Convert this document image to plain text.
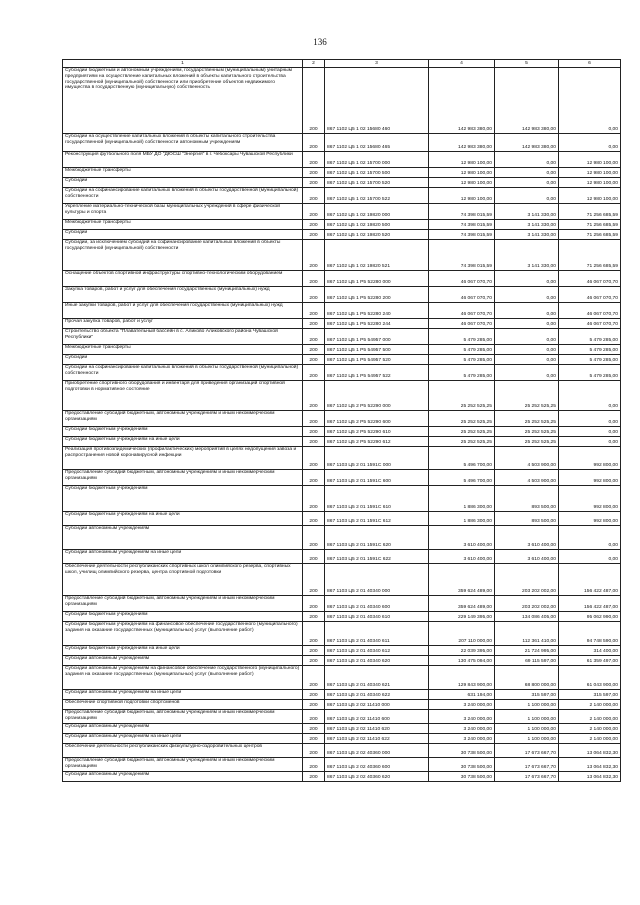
136
1	2	3	4	5	6
Субсидии бюджетным и автономным учреждениям, государственным (муниципальным) унитарным предприятиям на осуществление капитальных вложений в объекты капитального строительства государственной (муниципальной) собственности или приобретение объектов недвижимого имущества в государственную (муниципальную) собственность	200	867 1102 Ц5 1 02 15680 460	142 983 380,00	142 983 380,00	0,00
Субсидии на осуществление капитальных вложений в объекты капитального строительства государственной (муниципальной) собственности автономным учреждениям	200	867 1102 Ц5 1 02 15680 465	142 983 380,00	142 983 380,00	0,00
Реконструкция футбольного поля МБУ ДО "ДЮСШ "Энергия" в г. Чебоксары Чувашской Республики	200	867 1102 Ц5 1 02 15700 000	12 980 100,00	0,00	12 980 100,00
Межбюджетные трансферты	200	867 1102 Ц5 1 02 15700 500	12 980 100,00	0,00	12 980 100,00
Субсидии	200	867 1102 Ц5 1 02 15700 520	12 980 100,00	0,00	12 980 100,00
Субсидии на софинансирование капитальных вложений в объекты государственной (муниципальной) собственности	200	867 1102 Ц5 1 02 15700 522	12 980 100,00	0,00	12 980 100,00
Укрепление материально-технической базы муниципальных учреждений в сфере физической культуры и спорта	200	867 1102 Ц5 1 02 19820 000	74 398 015,59	3 141 330,00	71 256 685,59
Межбюджетные трансферты	200	867 1102 Ц5 1 02 19820 500	74 398 015,59	3 141 330,00	71 256 685,59
Субсидии	200	867 1102 Ц5 1 02 19820 520	74 398 015,59	3 141 330,00	71 256 685,59
Субсидии, за исключением субсидий на софинансирование капитальных вложений в объекты государственной (муниципальной) собственности	200	867 1102 Ц5 1 02 19820 521	74 398 015,59	3 141 330,00	71 256 685,59
Оснащение объектов спортивной инфраструктуры спортивно-технологическим оборудованием	200	867 1102 Ц5 1 P5 52280 000	46 067 070,70	0,00	46 067 070,70
Закупка товаров, работ и услуг для обеспечения государственных (муниципальных) нужд	200	867 1102 Ц5 1 P5 52280 200	46 067 070,70	0,00	46 067 070,70
Иные закупки товаров, работ и услуг для обеспечения государственных (муниципальных) нужд	200	867 1102 Ц5 1 P5 52280 240	46 067 070,70	0,00	46 067 070,70
Прочая закупка товаров, работ и услуг	200	867 1102 Ц5 1 P5 52280 244	46 067 070,70	0,00	46 067 070,70
Строительство объекта "Плавательный бассейн в с. Аликово Аликовского района Чувашской Республики"	200	867 1102 Ц5 1 P5 54957 000	5 479 285,00	0,00	5 479 285,00
Межбюджетные трансферты	200	867 1102 Ц5 1 P5 54957 500	5 479 285,00	0,00	5 479 285,00
Субсидии	200	867 1102 Ц5 1 P5 54957 520	5 479 285,00	0,00	5 479 285,00
Субсидии на софинансирование капитальных вложений в объекты государственной (муниципальной) собственности	200	867 1102 Ц5 1 P5 54957 522	5 479 285,00	0,00	5 479 285,00
Приобретение спортивного оборудования и инвентаря для приведения организаций спортивной подготовки в нормативное состояние	200	867 1102 Ц5 2 P5 52290 000	25 252 525,25	25 252 525,25	0,00
Предоставление субсидий бюджетным, автономным учреждениям и иным некоммерческим организациям	200	867 1102 Ц5 2 P5 52290 600	25 252 525,25	25 252 525,25	0,00
Субсидии бюджетным учреждениям	200	867 1102 Ц5 2 P5 52290 610	25 252 525,25	25 252 525,25	0,00
Субсидии бюджетным учреждениям на иные цели	200	867 1102 Ц5 2 P5 52290 612	25 252 525,25	25 252 525,25	0,00
Реализация противоэпидемических (профилактических) мероприятий в целях недопущения завоза и распространения новой коронавирусной инфекции	200	867 1103 Ц5 2 01 1591С 000	5 496 700,00	4 503 900,00	992 800,00
Предоставление субсидий бюджетным, автономным учреждениям и иным некоммерческим организациям	200	867 1103 Ц5 2 01 1591С 600	5 496 700,00	4 503 900,00	992 800,00
Субсидии бюджетным учреждениям	200	867 1103 Ц5 2 01 1591С 610	1 886 300,00	893 500,00	992 800,00
Субсидии бюджетным учреждениям на иные цели	200	867 1103 Ц5 2 01 1591С 612	1 886 300,00	893 500,00	992 800,00
Субсидии автономным учреждениям	200	867 1103 Ц5 2 01 1591С 620	3 610 400,00	3 610 400,00	0,00
Субсидии автономным учреждениям на иные цели	200	867 1103 Ц5 2 01 1591С 622	3 610 400,00	3 610 400,00	0,00
Обеспечение деятельности республиканских спортивных школ олимпийского резерва, спортивных школ, училищ олимпийского резерва, центра спортивной подготовки	200	867 1103 Ц5 2 01 40340 000	359 624 489,00	203 202 002,00	156 422 487,00
Предоставление субсидий бюджетным, автономным учреждениям и иным некоммерческим организациям	200	867 1103 Ц5 2 01 40340 600	359 624 489,00	203 202 002,00	156 422 487,00
Субсидии бюджетным учреждениям	200	867 1103 Ц5 2 01 40340 610	229 149 395,00	134 086 405,00	95 062 990,00
Субсидии бюджетным учреждениям на финансовое обеспечение государственного (муниципального) задания на оказание государственных (муниципальных) услуг (выполнение работ)	200	867 1103 Ц5 2 01 40340 611	207 110 000,00	112 361 410,00	94 748 590,00
Субсидии бюджетным учреждениям на иные цели	200	867 1103 Ц5 2 01 40340 612	22 039 395,00	21 724 995,00	314 400,00
Субсидии автономным учреждениям	200	867 1103 Ц5 2 01 40340 620	130 475 094,00	69 115 597,00	61 359 497,00
Субсидии автономным учреждениям на финансовое обеспечение государственного (муниципального) задания на оказание государственных (муниципальных) услуг (выполнение работ)	200	867 1103 Ц5 2 01 40340 621	129 843 900,00	68 800 000,00	61 043 900,00
Субсидии автономным учреждениям на иные цели	200	867 1103 Ц5 2 01 40340 622	631 194,00	315 597,00	315 597,00
Обеспечение спортивной подготовки спортсменов	200	867 1103 Ц5 2 02 11410 000	3 240 000,00	1 100 000,00	2 140 000,00
Предоставление субсидий бюджетным, автономным учреждениям и иным некоммерческим организациям	200	867 1103 Ц5 2 02 11410 600	3 240 000,00	1 100 000,00	2 140 000,00
Субсидии автономным учреждениям	200	867 1103 Ц5 2 02 11410 620	3 240 000,00	1 100 000,00	2 140 000,00
Субсидии автономным учреждениям на иные цели	200	867 1103 Ц5 2 02 11410 622	3 240 000,00	1 100 000,00	2 140 000,00
Обеспечение деятельности республиканских физкультурно-оздоровительных центров	200	867 1103 Ц5 2 02 40360 000	30 738 500,00	17 673 667,70	13 064 832,30
Предоставление субсидий бюджетным, автономным учреждениям и иным некоммерческим организациям	200	867 1103 Ц5 2 02 40360 600	30 738 500,00	17 673 667,70	13 064 832,30
Субсидии автономным учреждениям	200	867 1103 Ц5 2 02 40360 620	30 738 500,00	17 673 667,70	13 064 832,30
